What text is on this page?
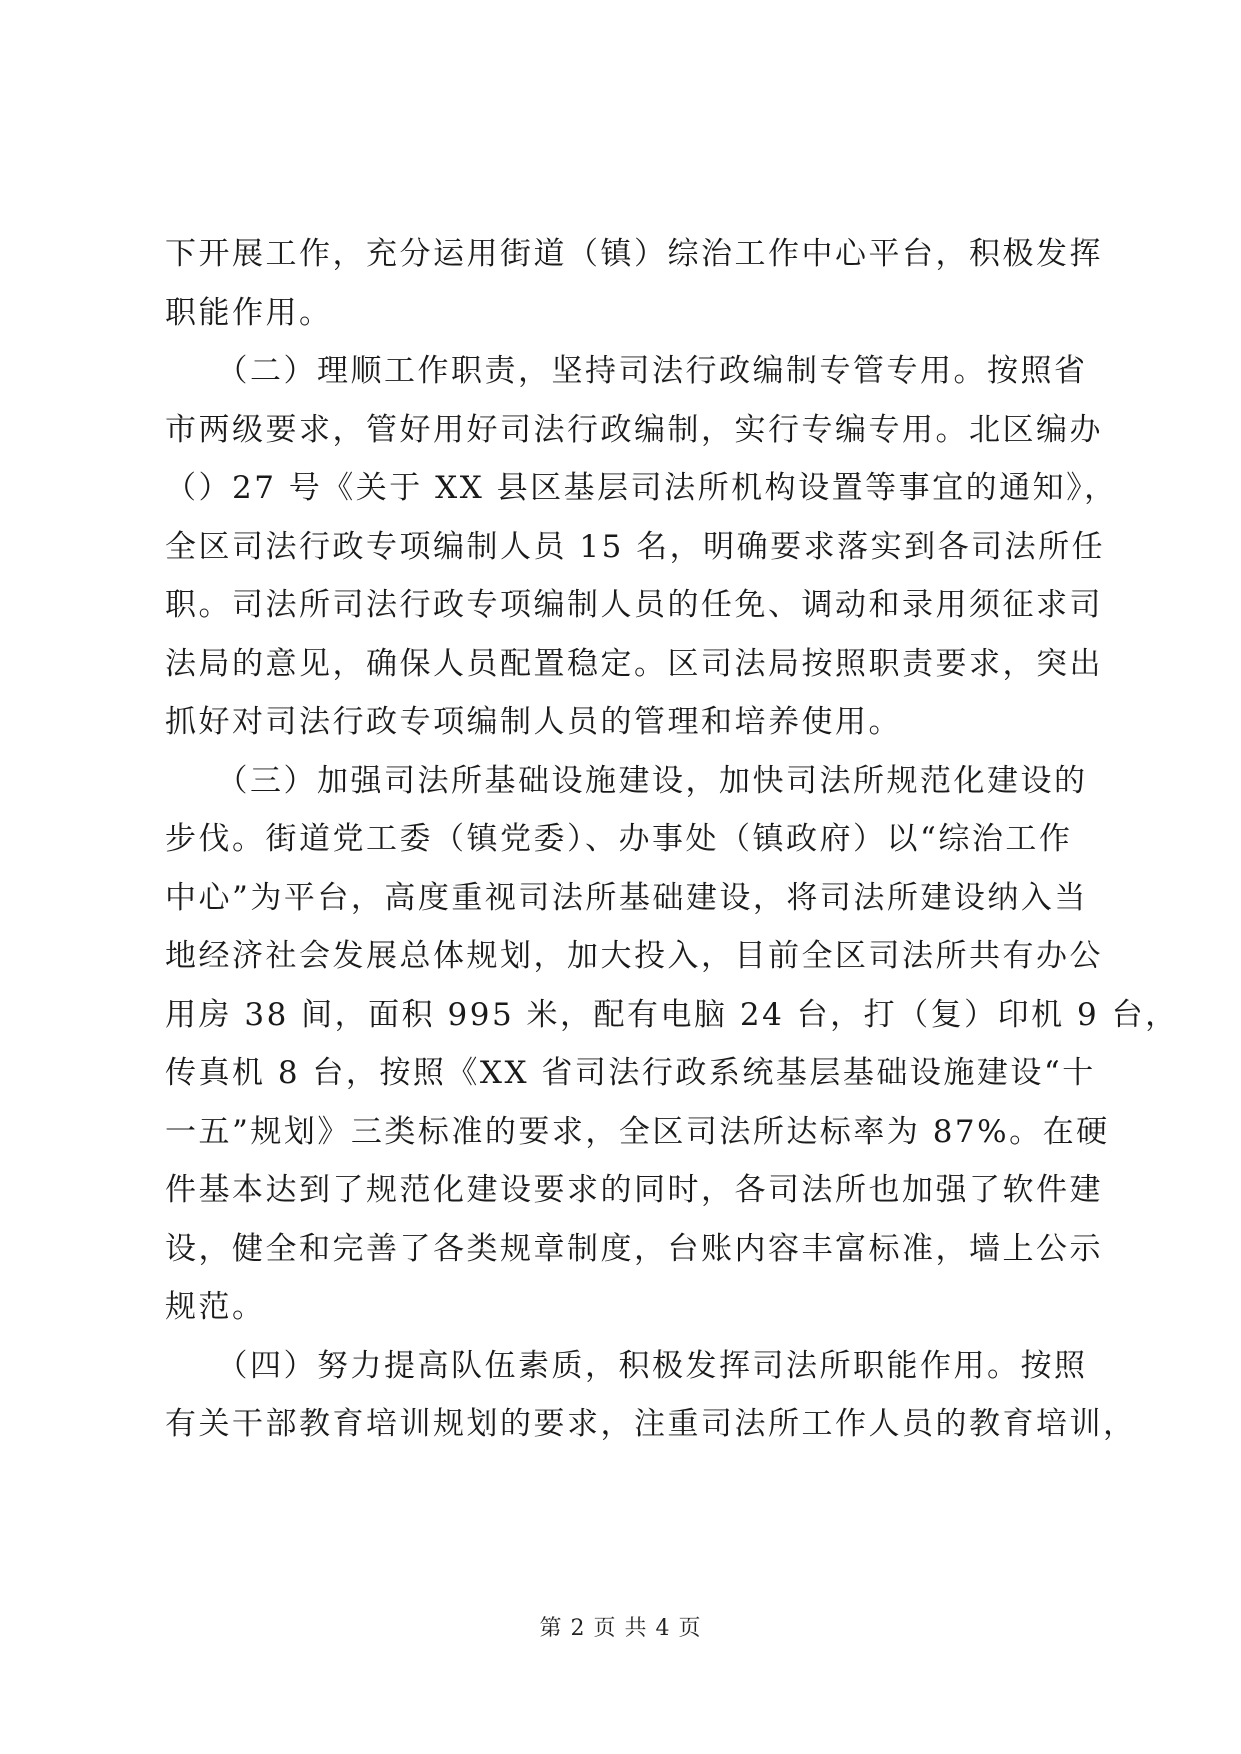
下开展工作，充分运用街道（镇）综治工作中心平台，积极发挥
职能作用。
　　（二）理顺工作职责，坚持司法行政编制专管专用。按照省
市两级要求，管好用好司法行政编制，实行专编专用。北区编办
（）27 号《关于 XX 县区基层司法所机构设置等事宜的通知》，
全区司法行政专项编制人员 15 名，明确要求落实到各司法所任
职。司法所司法行政专项编制人员的任免、调动和录用须征求司
法局的意见，确保人员配置稳定。区司法局按照职责要求，突出
抓好对司法行政专项编制人员的管理和培养使用。
　　（三）加强司法所基础设施建设，加快司法所规范化建设的
步伐。街道党工委（镇党委）、办事处（镇政府）以“综治工作
中心”为平台，高度重视司法所基础建设，将司法所建设纳入当
地经济社会发展总体规划，加大投入，目前全区司法所共有办公
用房 38 间，面积 995 米，配有电脑 24 台，打（复）印机 9 台，
传真机 8 台，按照《XX 省司法行政系统基层基础设施建设“十
一五”规划》三类标准的要求，全区司法所达标率为 87%。在硬
件基本达到了规范化建设要求的同时，各司法所也加强了软件建
设，健全和完善了各类规章制度，台账内容丰富标准，墙上公示
规范。
　　（四）努力提高队伍素质，积极发挥司法所职能作用。按照
有关干部教育培训规划的要求，注重司法所工作人员的教育培训，
第 2 页 共 4 页
